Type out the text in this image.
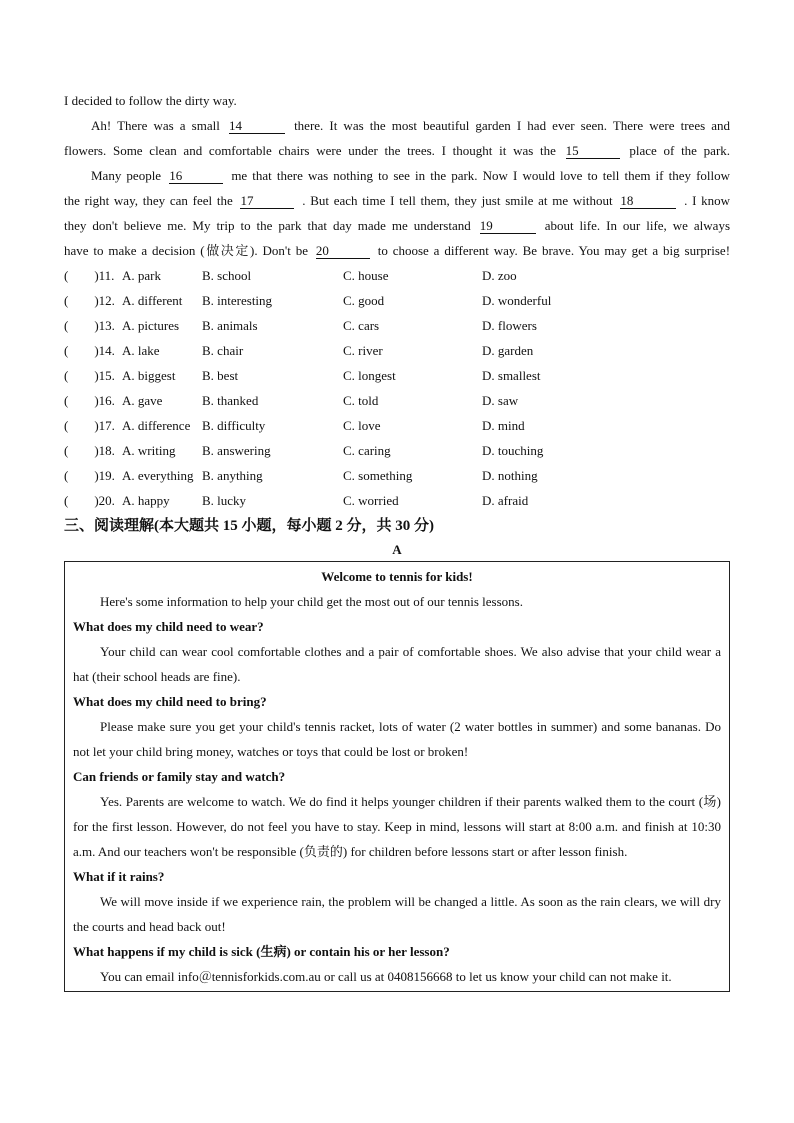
I decided to follow the dirty way.
Ah! There was a small 14	there. It was the most beautiful garden I had ever seen. There were trees and
flowers. Some clean and comfortable chairs were under the trees. I thought it was the 15	place of the park.
Many people 16	me that there was nothing to see in the park. Now I would love to tell them if they follow
the right way, they can feel the 17	. But each time I tell them, they just smile at me without 18	. I know
they don't believe me. My trip to the park that day made me understand 19	about life. In our life, we always
have to make a decision (做决定). Don't be 20	to choose a different way. Be brave. You may get a big surprise!
(　　)11. A. park	B. school	C. house	D. zoo
(　　)12. A. different	B. interesting	C. good	D. wonderful
(　　)13. A. pictures	B. animals	C. cars	D. flowers
(　　)14. A. lake	B. chair	C. river	D. garden
(　　)15. A. biggest	B. best	C. longest	D. smallest
(　　)16. A. gave	B. thanked	C. told	D. saw
(　　)17. A. difference B. difficulty	C. love	D. mind
(　　)18. A. writing	B. answering	C. caring	D. touching
(　　)19. A. everything B. anything	C. something	D. nothing
(　　)20. A. happy	B. lucky	C. worried	D. afraid
三、阅读理解(本大题共 15 小题，每小题 2 分，共 30 分)
A
Welcome to tennis for kids!

Here's some information to help your child get the most out of our tennis lessons.

What does my child need to wear?

Your child can wear cool comfortable clothes and a pair of comfortable shoes. We also advise that your child wear a hat (their school heads are fine).

What does my child need to bring?

Please make sure you get your child's tennis racket, lots of water (2 water bottles in summer) and some bananas. Do not let your child bring money, watches or toys that could be lost or broken!

Can friends or family stay and watch?

Yes. Parents are welcome to watch. We do find it helps younger children if their parents walked them to the court (场) for the first lesson. However, do not feel you have to stay. Keep in mind, lessons will start at 8:00 a.m. and finish at 10:30 a.m. And our teachers won't be responsible (负责的) for children before lessons start or after lesson finish.

What if it rains?

We will move inside if we experience rain, the problem will be changed a little. As soon as the rain clears, we will dry the courts and head back out!

What happens if my child is sick (生病) or contain his or her lesson?

You can email info＠tennisforkids.com.au or call us at 0408156668 to let us know your child can not make it.
